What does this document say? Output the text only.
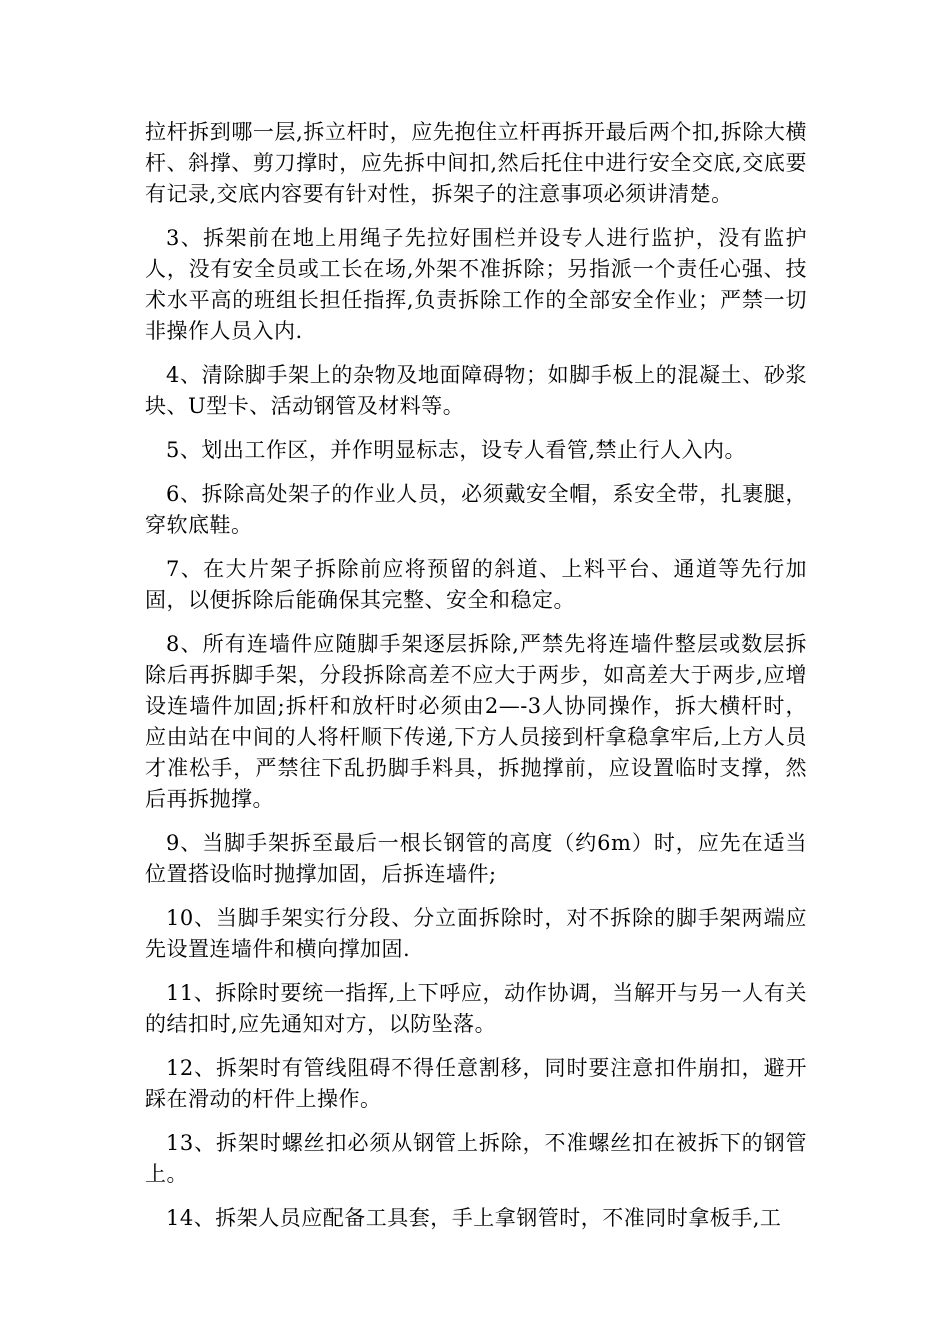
拉杆拆到哪一层,拆立杆时，应先抱住立杆再拆开最后两个扣,拆除大横杆、斜撑、剪刀撑时，应先拆中间扣,然后托住中进行安全交底,交底要有记录,交底内容要有针对性，拆架子的注意事项必须讲清楚。

3、拆架前在地上用绳子先拉好围栏并设专人进行监护，没有监护人，没有安全员或工长在场,外架不准拆除；另指派一个责任心强、技术水平高的班组长担任指挥,负责拆除工作的全部安全作业；严禁一切非操作人员入内.

4、清除脚手架上的杂物及地面障碍物；如脚手板上的混凝土、砂浆块、U型卡、活动钢管及材料等。

5、划出工作区，并作明显标志，设专人看管,禁止行人入内。

6、拆除高处架子的作业人员，必须戴安全帽，系安全带，扎裹腿，穿软底鞋。

7、在大片架子拆除前应将预留的斜道、上料平台、通道等先行加固，以便拆除后能确保其完整、安全和稳定。

8、所有连墙件应随脚手架逐层拆除,严禁先将连墙件整层或数层拆除后再拆脚手架，分段拆除高差不应大于两步，如高差大于两步,应增设连墙件加固;拆杆和放杆时必须由2—-3人协同操作，拆大横杆时，应由站在中间的人将杆顺下传递,下方人员接到杆拿稳拿牢后,上方人员才准松手，严禁往下乱扔脚手料具，拆抛撑前，应设置临时支撑，然后再拆抛撑。

9、当脚手架拆至最后一根长钢管的高度（约6m）时，应先在适当位置搭设临时抛撑加固，后拆连墙件;

10、当脚手架实行分段、分立面拆除时，对不拆除的脚手架两端应先设置连墙件和横向撑加固.

11、拆除时要统一指挥,上下呼应，动作协调，当解开与另一人有关的结扣时,应先通知对方，以防坠落。

12、拆架时有管线阻碍不得任意割移，同时要注意扣件崩扣，避开踩在滑动的杆件上操作。

13、拆架时螺丝扣必须从钢管上拆除，不准螺丝扣在被拆下的钢管上。

14、拆架人员应配备工具套，手上拿钢管时，不准同时拿板手,工
